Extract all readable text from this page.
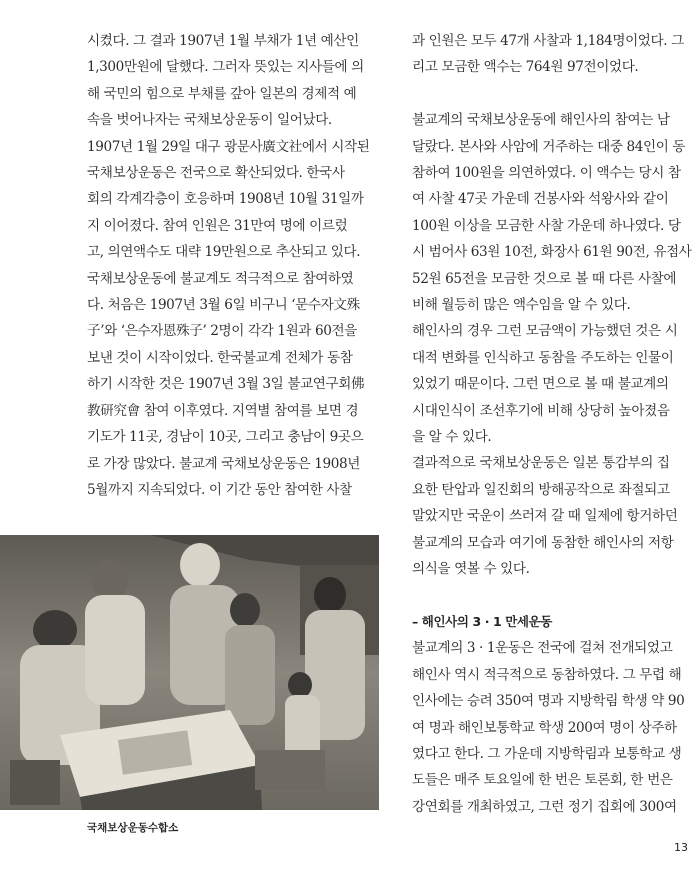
시켰다. 그 결과 1907년 1월 부채가 1년 예산인

1,300만원에 달했다. 그러자 뜻있는 지사들에 의

해 국민의 힘으로 부채를 갚아 일본의 경제적 예

속을 벗어나자는 국채보상운동이 일어났다.

1907년 1월 29일 대구 광문사廣文社에서 시작된

국채보상운동은 전국으로 확산되었다. 한국사

회의 각계각층이 호응하며 1908년 10월 31일까

지 이어졌다. 참여 인원은 31만여 명에 이르렀

고, 의연액수도 대략 19만원으로 추산되고 있다.

국채보상운동에 불교계도 적극적으로 참여하였

다. 처음은 1907년 3월 6일 비구니 ‘문수자文殊

子’와 ‘은수자恩殊子’ 2명이 각각 1원과 60전을

보낸 것이 시작이었다. 한국불교계 전체가 동참

하기 시작한 것은 1907년 3월 3일 불교연구회佛

教研究會 참여 이후였다. 지역별 참여를 보면 경

기도가 11곳, 경남이 10곳, 그리고 충남이 9곳으

로 가장 많았다. 불교계 국채보상운동은 1908년

5월까지 지속되었다. 이 기간 동안 참여한 사찰

과 인원은 모두 47개 사찰과 1,184명이었다. 그

리고 모금한 액수는 764원 97전이었다.

불교계의 국채보상운동에 해인사의 참여는 남

달랐다. 본사와 사암에 거주하는 대중 84인이 동

참하여 100원을 의연하였다. 이 액수는 당시 참

여 사찰 47곳 가운데 건봉사와 석왕사와 같이

100원 이상을 모금한 사찰 가운데 하나였다. 당

시 범어사 63원 10전, 화장사 61원 90전, 유점사

52원 65전을 모금한 것으로 볼 때 다른 사찰에

비해 월등히 많은 액수임을 알 수 있다.

해인사의 경우 그런 모금액이 가능했던 것은 시

대적 변화를 인식하고 동참을 주도하는 인물이

있었기 때문이다. 그런 면으로 볼 때 불교계의

시대인식이 조선후기에 비해 상당히 높아졌음

을 알 수 있다.

결과적으로 국채보상운동은 일본 통감부의 집

요한 탄압과 일진회의 방해공작으로 좌절되고

말았지만 국운이 쓰러져 갈 때 일제에 항거하던

불교계의 모습과 여기에 동참한 해인사의 저항

의식을 엿볼 수 있다.

– 해인사의 3 · 1 만세운동

불교계의 3 · 1운동은 전국에 걸쳐 전개되었고

해인사 역시 적극적으로 동참하였다. 그 무렵 해

인사에는 승려 350여 명과 지방학림 학생 약 90

여 명과 해인보통학교 학생 200여 명이 상주하

였다고 한다. 그 가운데 지방학림과 보통학교 생

도들은 매주 토요일에 한 번은 토론회, 한 번은

강연회를 개최하였고, 그런 정기 집회에 300여

국채보상운동수합소
13
